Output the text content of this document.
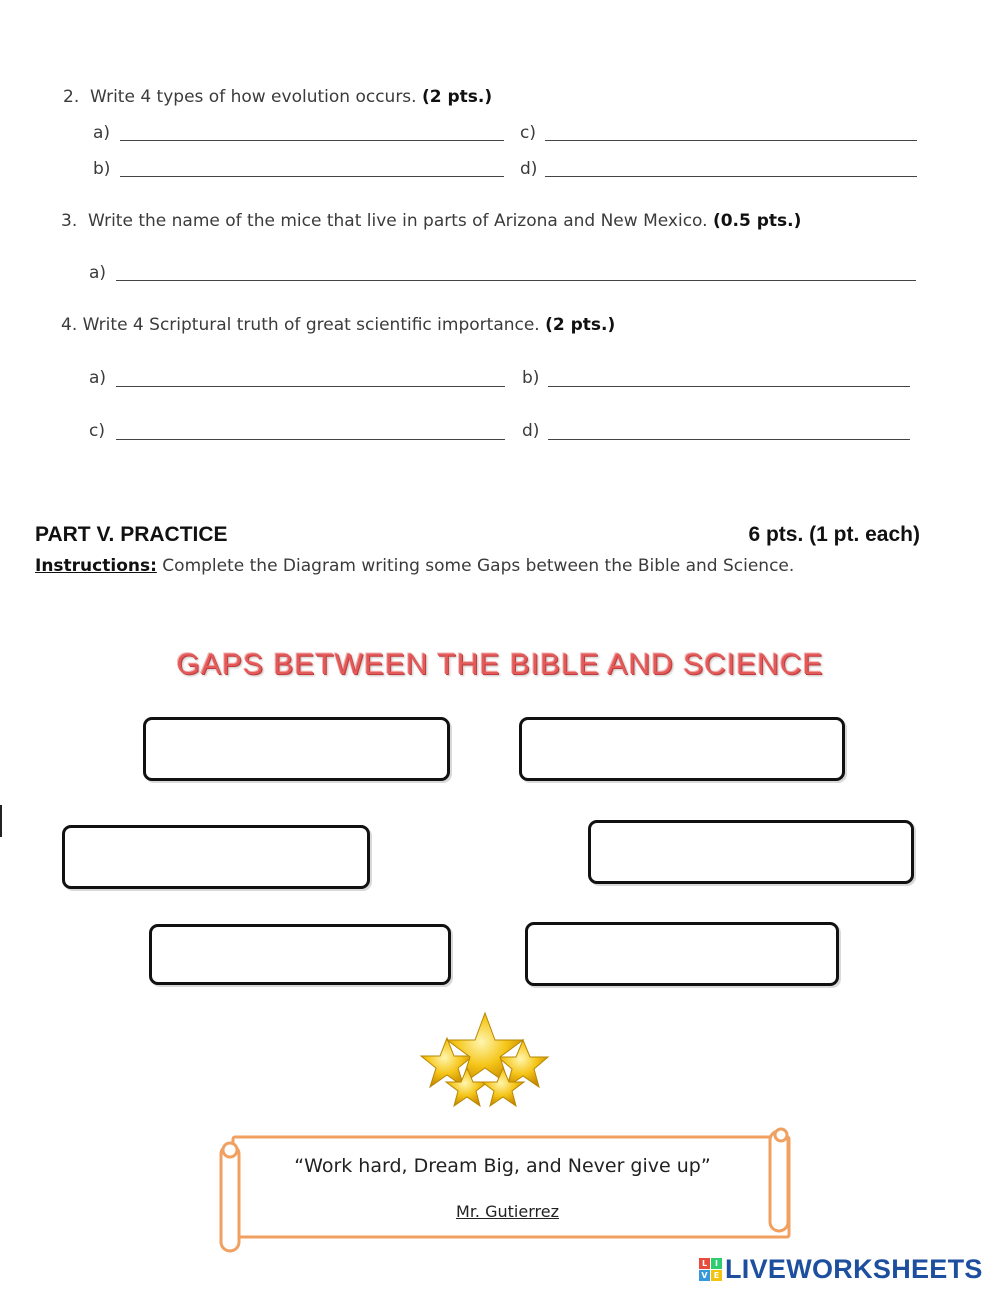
2. Write 4 types of how evolution occurs. (2 pts.)
a)	c)
b)	d)
3. Write the name of the mice that live in parts of Arizona and New Mexico. (0.5 pts.)
a)
4. Write 4 Scriptural truth of great scientific importance. (2 pts.)
a)	b)
c)	d)
PART V. PRACTICE	6 pts. (1 pt. each)
Instructions: Complete the Diagram writing some Gaps between the Bible and Science.
GAPS BETWEEN THE BIBLE AND SCIENCE
“Work hard, Dream Big, and Never give up”
Mr. Gutierrez
L I
V E LIVEWORKSHEETS
